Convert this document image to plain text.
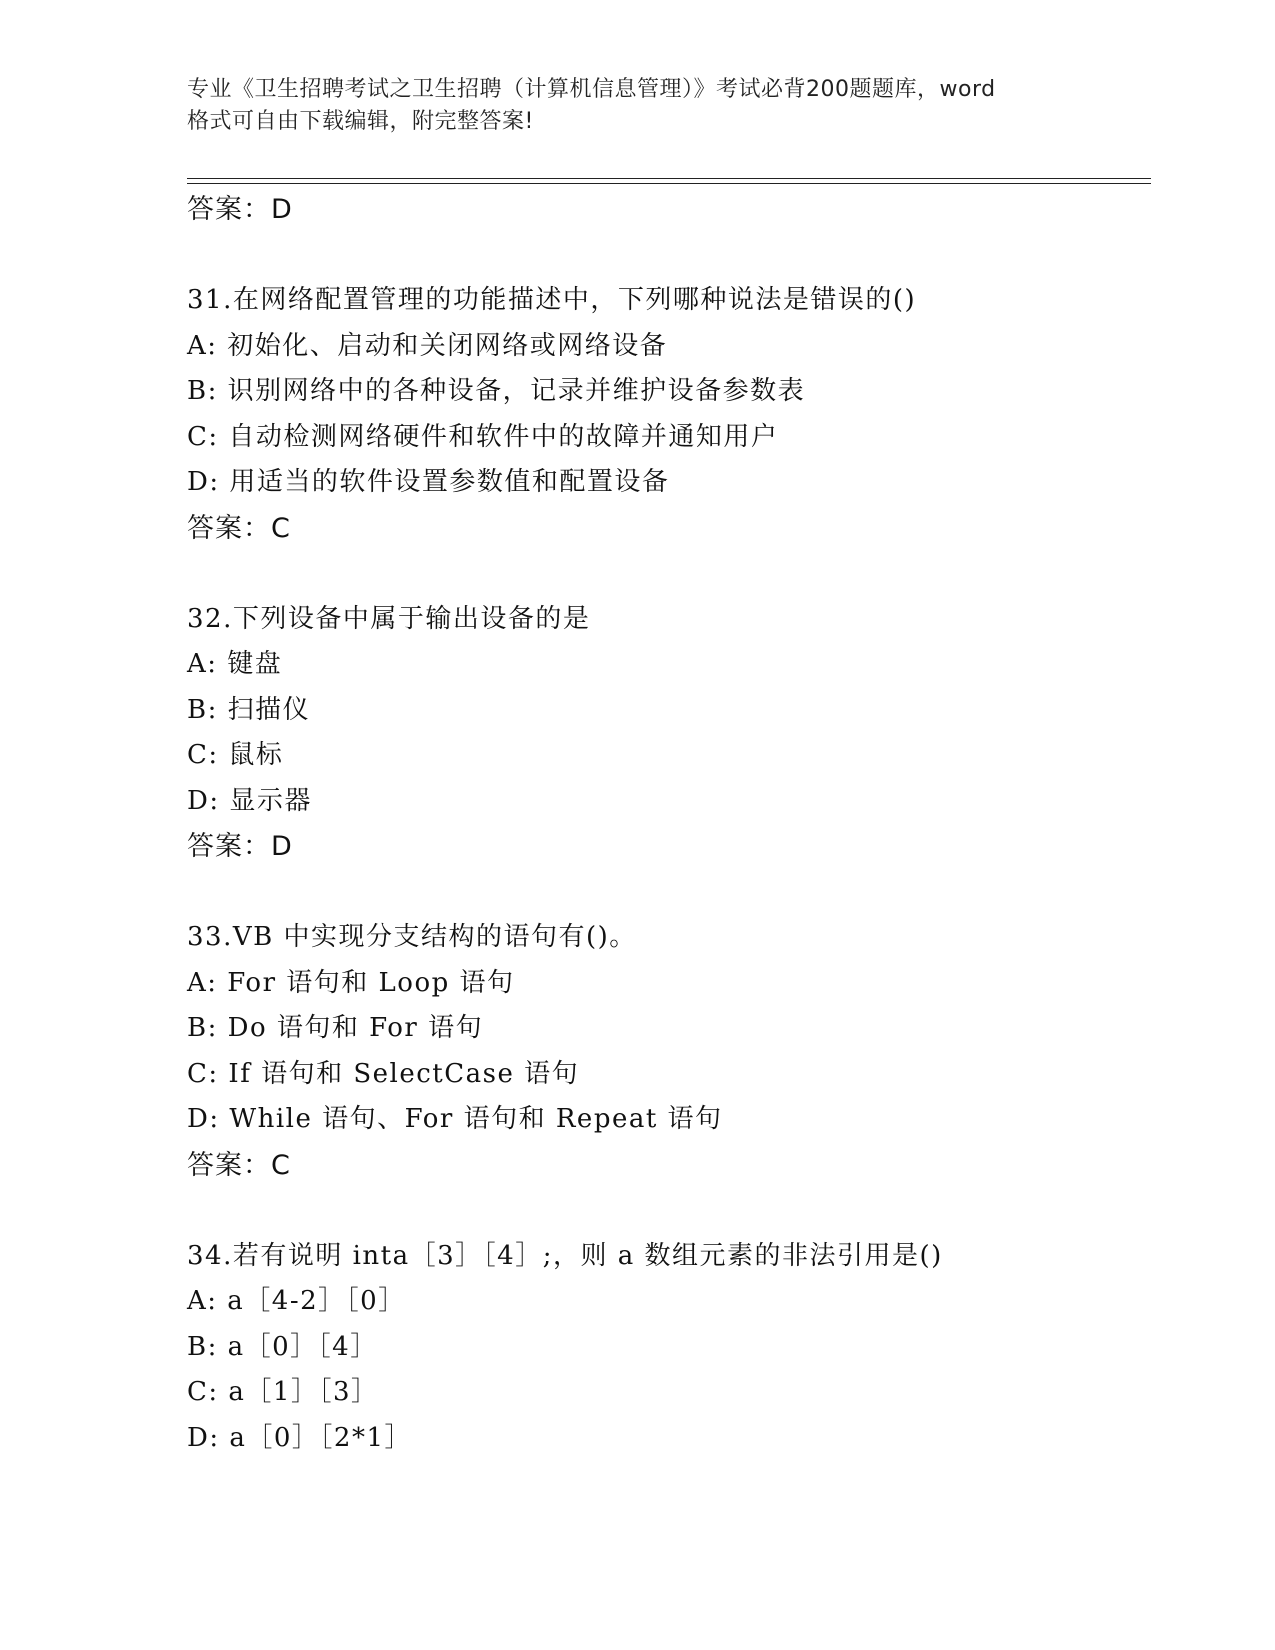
专业《卫生招聘考试之卫生招聘（计算机信息管理）》考试必背200题题库，word
格式可自由下载编辑，附完整答案!
答案：D
31.在网络配置管理的功能描述中，下列哪种说法是错误的()
A: 初始化、启动和关闭网络或网络设备
B: 识别网络中的各种设备，记录并维护设备参数表
C: 自动检测网络硬件和软件中的故障并通知用户
D: 用适当的软件设置参数值和配置设备
答案：C
32.下列设备中属于输出设备的是
A: 键盘
B: 扫描仪
C: 鼠标
D: 显示器
答案：D
33.VB 中实现分支结构的语句有()。
A: For 语句和 Loop 语句
B: Do 语句和 For 语句
C: If 语句和 SelectCase 语句
D: While 语句、For 语句和 Repeat 语句
答案：C
34.若有说明 inta［3］［4］;，则 a 数组元素的非法引用是()
A: a［4-2］［0］
B: a［0］［4］
C: a［1］［3］
D: a［0］［2*1］
